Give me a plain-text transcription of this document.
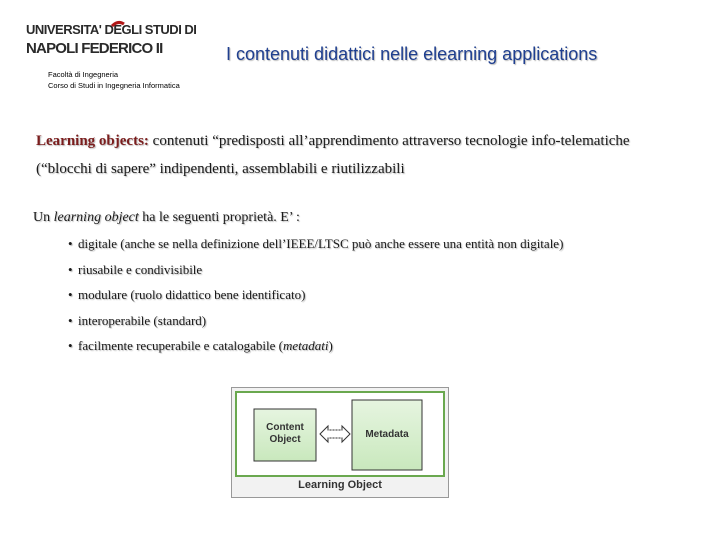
UNIVERSITA' DEGLI STUDI DI
NAPOLI FEDERICO II
Facoltà di Ingegneria
Corso di Studi in Ingegneria Informatica
I contenuti didattici nelle elearning applications
Learning objects: contenuti “predisposti all’apprendimento attraverso tecnologie info-telematiche
(“blocchi di sapere” indipendenti, assemblabili e riutilizzabili
Un learning object ha le seguenti proprietà. E’ :
• digitale (anche se nella definizione dell’IEEE/LTSC può anche essere una entità non digitale)
• riusabile e condivisibile
• modulare (ruolo didattico bene identificato)
• interoperabile (standard)
• facilmente recuperabile e catalogabile (metadati)
Content
Object	Metadata
Learning Object
